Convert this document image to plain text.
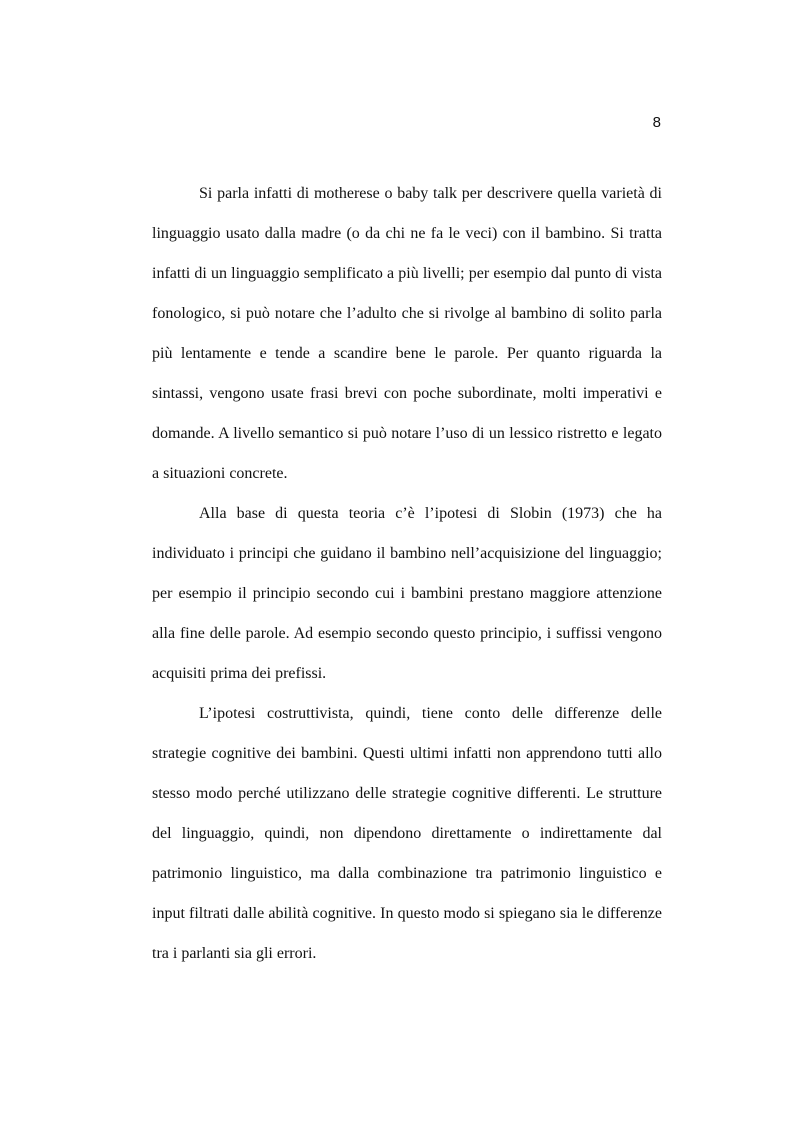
8

Si parla infatti di motherese o baby talk per descrivere quella varietà di linguaggio usato dalla madre (o da chi ne fa le veci) con il bambino. Si tratta infatti di un linguaggio semplificato a più livelli; per esempio dal punto di vista fonologico, si può notare che l’adulto che si rivolge al bambino di solito parla più lentamente e tende a scandire bene le parole. Per quanto riguarda la sintassi, vengono usate frasi brevi con poche subordinate, molti imperativi e domande. A livello semantico si può notare l’uso di un lessico ristretto e legato a situazioni concrete.

Alla base di questa teoria c’è l’ipotesi di Slobin (1973) che ha individuato i principi che guidano il bambino nell’acquisizione del linguaggio; per esempio il principio secondo cui i bambini prestano maggiore attenzione alla fine delle parole. Ad esempio secondo questo principio, i suffissi vengono acquisiti prima dei prefissi.

L’ipotesi costruttivista, quindi, tiene conto delle differenze delle strategie cognitive dei bambini. Questi ultimi infatti non apprendono tutti allo stesso modo perché utilizzano delle strategie cognitive differenti. Le strutture del linguaggio, quindi, non dipendono direttamente o indirettamente dal patrimonio linguistico, ma dalla combinazione tra patrimonio linguistico e input filtrati dalle abilità cognitive. In questo modo si spiegano sia le differenze tra i parlanti sia gli errori.
